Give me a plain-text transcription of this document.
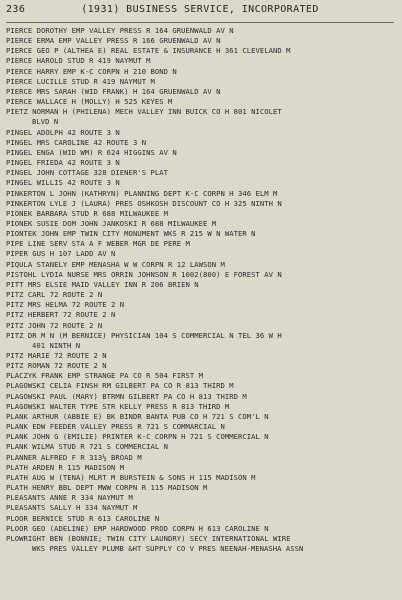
236	(1931) BUSINESS SERVICE, INCORPORATED
PIERCE DOROTHY EMP VALLEY PRESS R 164 GRUENWALD AV N
PIERCE ERMA EMP VALLEY PRESS R 166 GRUENWALD AV N
PIERCE GEO P (ALTHEA E) REAL ESTATE & INSURANCE H 361 CLEVELAND M
PIERCE HAROLD STUD R 419 NAYMUT M
PIERCE HARRY EMP K-C CORPN H 210 BOND N
PIERCE LUCILLE STUD R 419 NAYMUT M
PIERCE MRS SARAH (WID FRANK) H 164 GRUENWALD AV N
PIERCE WALLACE H (MOLLY) H 525 KEYES M
PIETZ NORMAN H (PHILENA) MECH VALLEY INN BUICK CO H 801 NICOLET
BLVD N
PINGEL ADOLPH 42 ROUTE 3 N
PINGEL MRS CAROLINE 42 ROUTE 3 N
PINGEL ENGA (WID WM) R 624 HIGGINS AV N
PINGEL FRIEDA 42 ROUTE 3 N
PINGEL JOHN COTTAGE 328 DIENER'S PLAT
PINGEL WILLIS 42 ROUTE 3 N
PINKERTON L JOHN (KATHRYN) PLANNING DEPT K-C CORPN H 346 ELM M
PINKERTON LYLE J (LAURA) PRES OSHKOSH DISCOUNT CO H 325 NINTH N
PIONEK BARBARA STUD R 688 MILWAUKEE M
PIONEK SUSIE DOM JOHN JANKOSKI R 688 MILWAUKEE M
PIONTEK JOHN EMP TWIN CITY MONUMENT WKS R 215 W N WATER N
PIPE LINE SERV STA A F WEBER MGR DE PERE M
PIPER GUS H 107 LADD AV N
PIQULA STANELY EMP MENASHA W W CORPN R 12 LAWSON M
PISTOHL LYDIA NURSE MRS ORRIN JOHNSON R 1002(800) E FOREST AV N
PITT MRS ELSIE MAID VALLEY INN R 206 BRIEN N
PITZ CARL 72 ROUTE 2 N
PITZ MRS HELMA 72 ROUTE 2 N
PITZ HERBERT 72 ROUTE 2 N
PITZ JOHN 72 ROUTE 2 N
PITZ DR M N (M BERNICE) PHYSICIAN 104 S COMMERCIAL N TEL 36 W H
401 NINTH N
PITZ MARIE 72 ROUTE 2 N
PITZ ROMAN 72 ROUTE 2 N
PLACZYK FRANK EMP STRANGE PA CO R 504 FIRST M
PLAGOWSKI CELIA FINSH RM GILBERT PA CO R 813 THIRD M
PLAGOWSKI PAUL (MARY) BTRMN GILBERT PA CO H 813 THIRD M
PLAGOWSKI WALTER TYPE STR KELLY PRESS R 813 THIRD M
PLANK ARTHUR (ABBIE E) BK BINDR BANTA PUB CO H 721 S COM'L N
PLANK EDW FEEDER VALLEY PRESS R 721 S COMMARCIAL N
PLANK JOHN G (EMILIE) PRINTER K-C CORPN H 721 S COMMERCIAL N
PLANK WILMA STUD R 721 S COMMERCIAL N
PLANNER ALFRED F R 313½ BROAD M
PLATH ARDEN R 115 MADISON M
PLATH AUG W (TENA) MLRT M BURSTEIN & SONS H 115 MADISON M
PLATH HENRY BBL DEPT MWW CORPN R 115 MADISON M
PLEASANTS ANNE R 334 NAYMUT M
PLEASANTS SALLY H 334 NAYMUT M
PLOOR BERNICE STUD R 613 CAROLINE N
PLOOR GEO (ADELINE) EMP HARDWOOD PROD CORPN H 613 CAROLINE N
PLOWRIGHT BEN (BONNIE; TWIN CITY LAUNDRY) SECY INTERNATIONAL WIRE
WKS PRES VALLEY PLUMB &HT SUPPLY CO V PRES NEENAH-MENASHA ASSN
